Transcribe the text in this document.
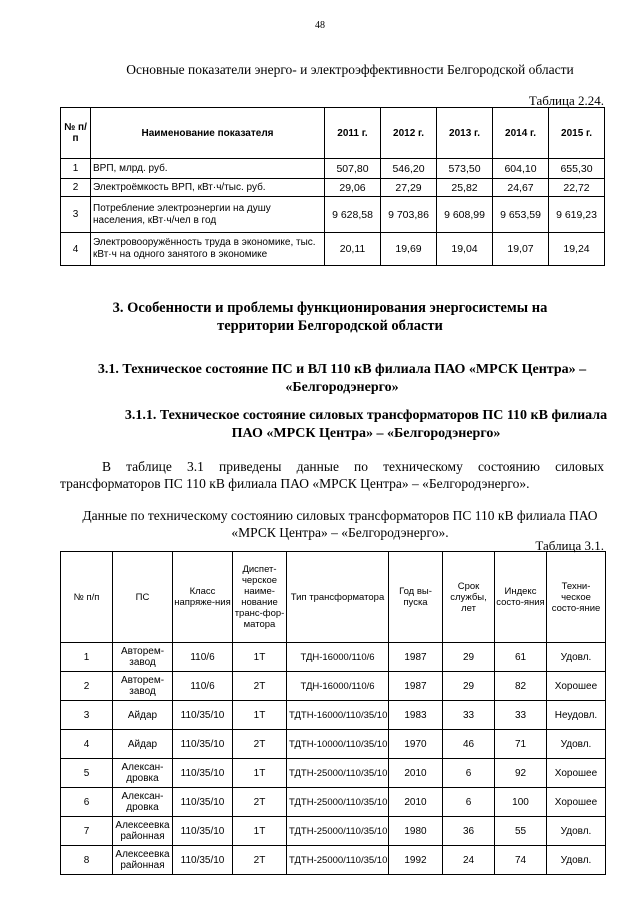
48
Основные показатели энерго- и электроэффективности Белгородской области
Таблица 2.24.
№ п/п	Наименование показателя	2011 г.	2012 г.	2013 г.	2014 г.	2015 г.
1	ВРП, млрд. руб.	507,80	546,20	573,50	604,10	655,30
2	Электроёмкость ВРП, кВт·ч/тыс. руб.	29,06	27,29	25,82	24,67	22,72
3	Потребление электроэнергии на душу населения, кВт·ч/чел в год	9 628,58	9 703,86	9 608,99	9 653,59	9 619,23
4	Электровооружённость труда в экономике, тыс. кВт·ч на одного занятого в экономике	20,11	19,69	19,04	19,07	19,24
3. Особенности и проблемы функционирования энергосистемы на территории Белгородской области
3.1. Техническое состояние ПС и ВЛ 110 кВ филиала ПАО «МРСК Центра» – «Белгородэнерго»
3.1.1. Техническое состояние силовых трансформаторов ПС 110 кВ филиала ПАО «МРСК Центра» – «Белгородэнерго»
В таблице 3.1 приведены данные по техническому состоянию силовых трансформаторов ПС 110 кВ филиала ПАО «МРСК Центра» – «Белгородэнерго».
Данные по техническому состоянию силовых трансформаторов ПС 110 кВ филиала ПАО «МРСК Центра» – «Белгородэнерго».
Таблица 3.1.
№ п/п	ПС	Класс напряже-ния	Диспет-черское наиме-нование транс-фор-матора	Тип трансформатора	Год вы-пуска	Срок службы, лет	Индекс состо-яния	Техни-ческое состо-яние
1	Авторем-завод	110/6	1Т	ТДН-16000/110/6	1987	29	61	Удовл.
2	Авторем-завод	110/6	2Т	ТДН-16000/110/6	1987	29	82	Хорошее
3	Айдар	110/35/10	1Т	ТДТН-16000/110/35/10	1983	33	33	Неудовл.
4	Айдар	110/35/10	2Т	ТДТН-10000/110/35/10	1970	46	71	Удовл.
5	Алексан-дровка	110/35/10	1Т	ТДТН-25000/110/35/10	2010	6	92	Хорошее
6	Алексан-дровка	110/35/10	2Т	ТДТН-25000/110/35/10	2010	6	100	Хорошее
7	Алексеевка районная	110/35/10	1Т	ТДТН-25000/110/35/10	1980	36	55	Удовл.
8	Алексеевка районная	110/35/10	2Т	ТДТН-25000/110/35/10	1992	24	74	Удовл.
